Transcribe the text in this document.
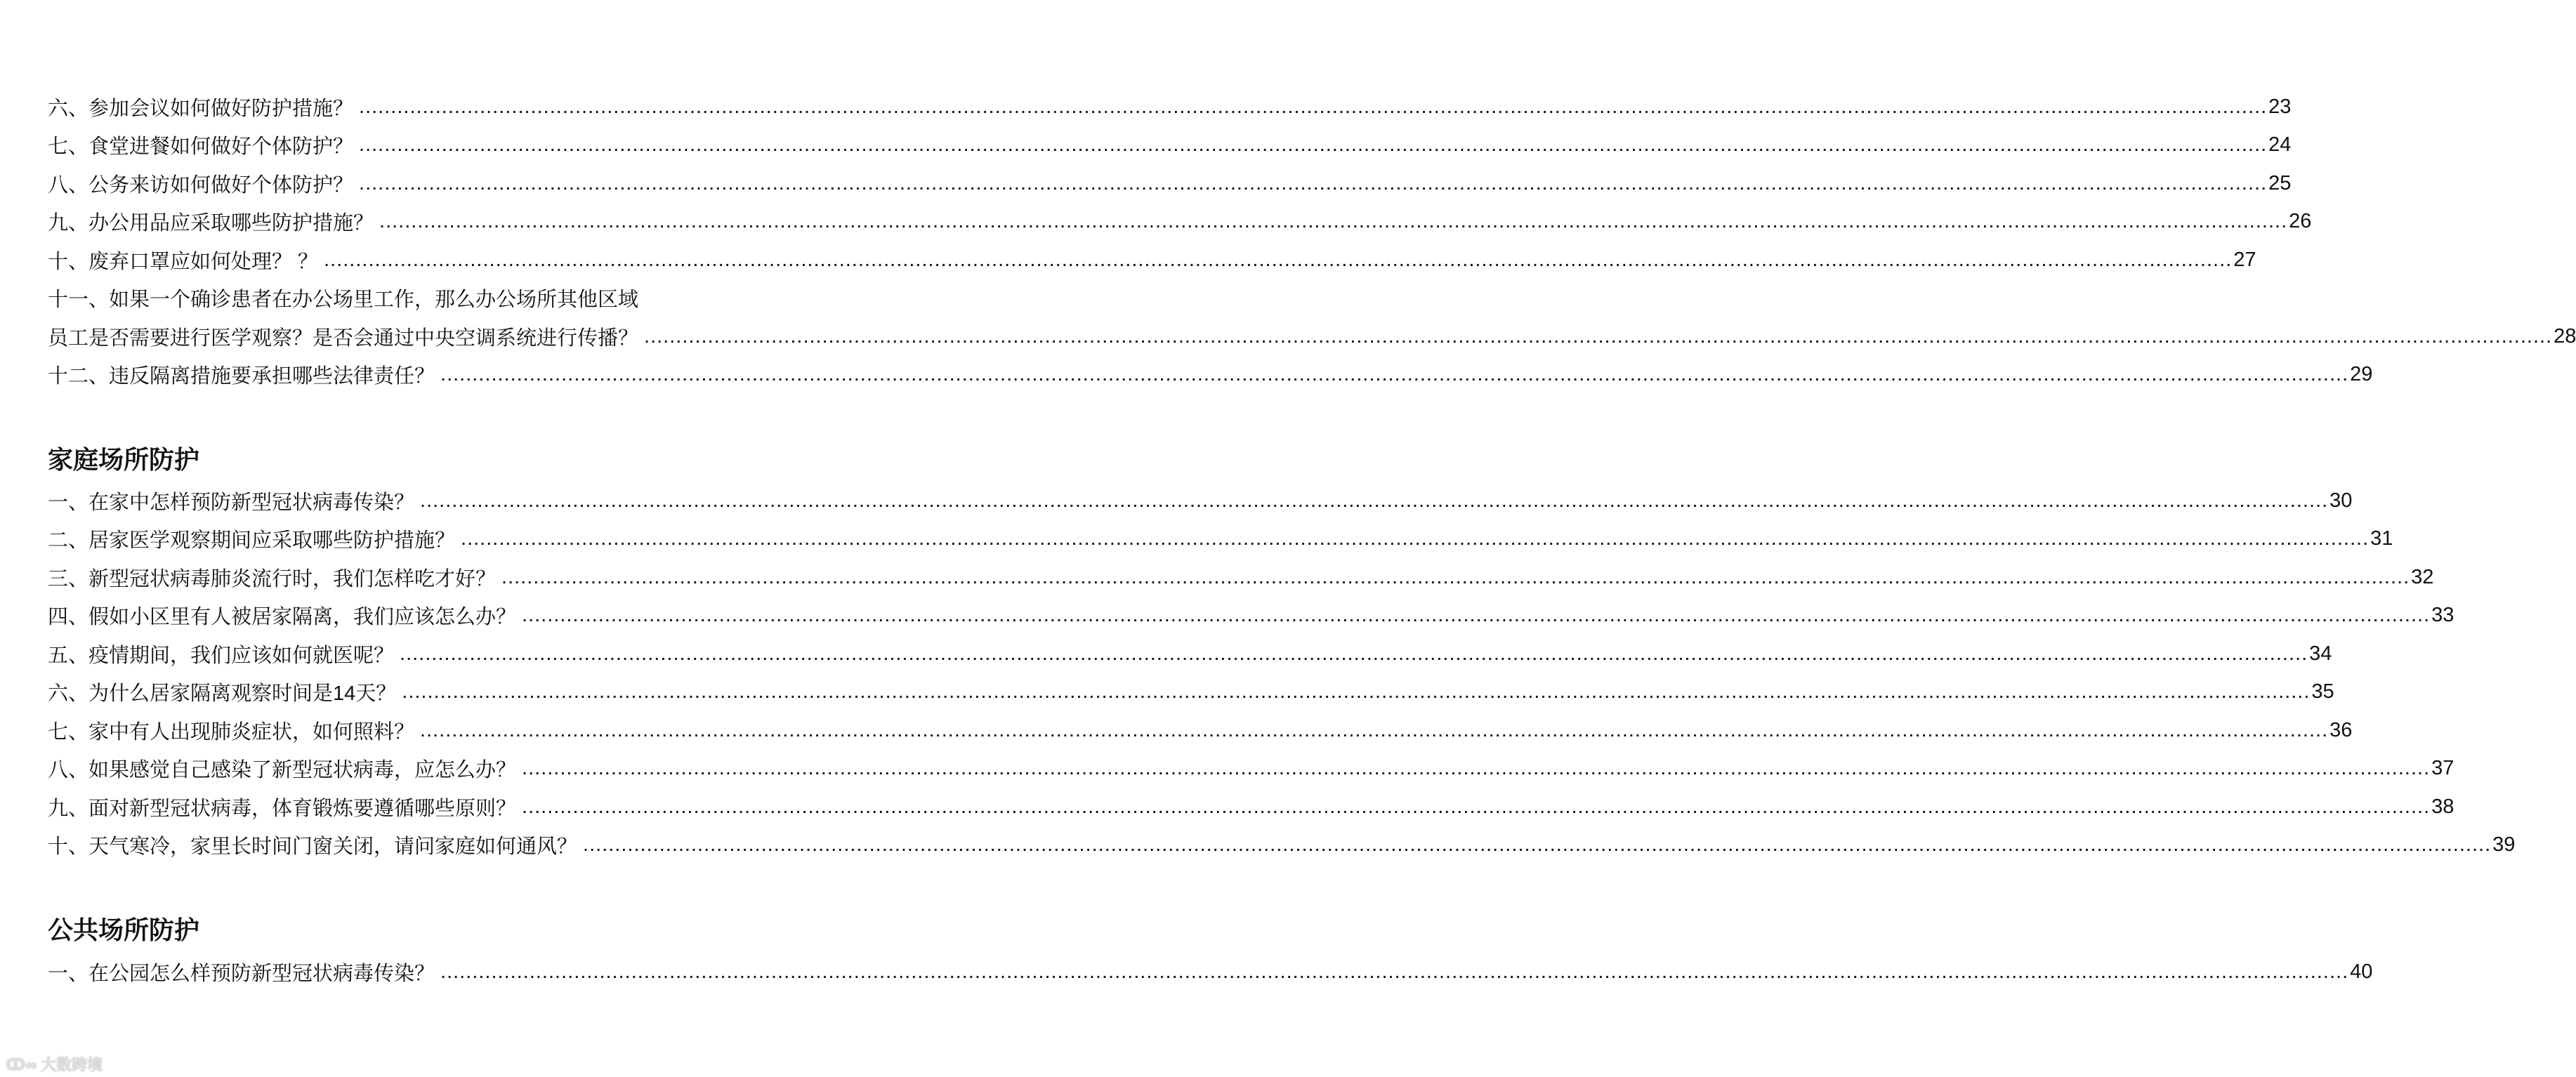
六、参加会议如何做好防护措施？ ............................................................................................................................................................................................................................................................................................................ 23
七、食堂进餐如何做好个体防护？ ............................................................................................................................................................................................................................................................................................................ 24
八、公务来访如何做好个体防护？ ............................................................................................................................................................................................................................................................................................................ 25
九、办公用品应采取哪些防护措施？ ............................................................................................................................................................................................................................................................................................................ 26
十、废弃口罩应如何处理？ ？ ............................................................................................................................................................................................................................................................................................................ 27
十一、如果一个确诊患者在办公场里工作，那么办公场所其他区域
员工是否需要进行医学观察？是否会通过中央空调系统进行传播？ ............................................................................................................................................................................................................................................................................................................ 28
十二、违反隔离措施要承担哪些法律责任？ ............................................................................................................................................................................................................................................................................................................ 29
家庭场所防护
一、在家中怎样预防新型冠状病毒传染？ ............................................................................................................................................................................................................................................................................................................ 30
二、居家医学观察期间应采取哪些防护措施？ ............................................................................................................................................................................................................................................................................................................ 31
三、新型冠状病毒肺炎流行时，我们怎样吃才好？ ............................................................................................................................................................................................................................................................................................................ 32
四、假如小区里有人被居家隔离，我们应该怎么办？ ............................................................................................................................................................................................................................................................................................................ 33
五、疫情期间，我们应该如何就医呢？ ............................................................................................................................................................................................................................................................................................................ 34
六、为什么居家隔离观察时间是14天？ ............................................................................................................................................................................................................................................................................................................ 35
七、家中有人出现肺炎症状，如何照料？ ............................................................................................................................................................................................................................................................................................................ 36
八、如果感觉自己感染了新型冠状病毒，应怎么办？ ............................................................................................................................................................................................................................................................................................................ 37
九、面对新型冠状病毒，体育锻炼要遵循哪些原则？ ............................................................................................................................................................................................................................................................................................................ 38
十、天气寒冷，家里长时间门窗关闭，请问家庭如何通风？ ............................................................................................................................................................................................................................................................................................................ 39
公共场所防护
一、在公园怎么样预防新型冠状病毒传染？ ............................................................................................................................................................................................................................................................................................................ 40
ↀ∞ 大数跨境
